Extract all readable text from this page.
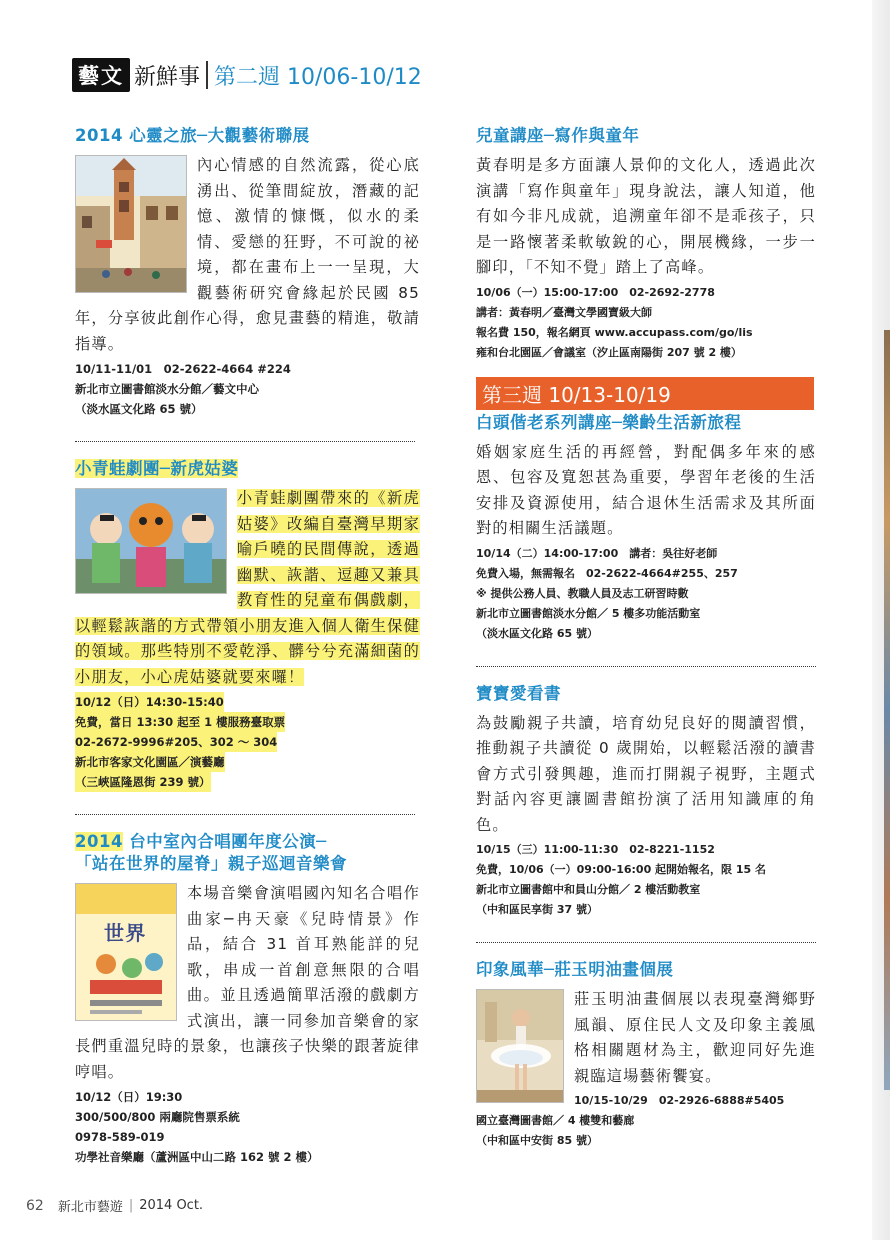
藝文 新鮮事 第二週 10/06-10/12
2014 心靈之旅─大觀藝術聯展
內心情感的自然流露，從心底湧出、從筆間綻放，潛藏的記憶、激情的慷慨，似水的柔情、愛戀的狂野，不可說的祕境，都在畫布上一一呈現，大觀藝術研究會緣起於民國 85 年，分享彼此創作心得，愈見畫藝的精進，敬請指導。
10/11-11/01　02-2622-4664 #224
新北市立圖書館淡水分館／藝文中心
（淡水區文化路 65 號）
小青蛙劇團─新虎姑婆
小青蛙劇團帶來的《新虎姑婆》改編自臺灣早期家喻戶曉的民間傳說，透過幽默、詼諧、逗趣又兼具教育性的兒童布偶戲劇，以輕鬆詼諧的方式帶領小朋友進入個人衛生保健的領域。那些特別不愛乾淨、髒兮兮充滿細菌的小朋友，小心虎姑婆就要來囉！
10/12（日）14:30-15:40
免費，當日 13:30 起至 1 樓服務臺取票
02-2672-9996#205、302 ～ 304
新北市客家文化園區／演藝廳
（三峽區隆恩街 239 號）
2014 台中室內合唱團年度公演─
「站在世界的屋脊」親子巡迴音樂會
世界
本場音樂會演唱國內知名合唱作曲家─冉天豪《兒時情景》作品，結合 31 首耳熟能詳的兒歌，串成一首創意無限的合唱曲。並且透過簡單活潑的戲劇方式演出，讓一同參加音樂會的家長們重溫兒時的景象，也讓孩子快樂的跟著旋律哼唱。
10/12（日）19:30
300/500/800 兩廳院售票系統
0978-589-019
功學社音樂廳（蘆洲區中山二路 162 號 2 樓）
兒童講座─寫作與童年
黃春明是多方面讓人景仰的文化人，透過此次演講「寫作與童年」現身說法，讓人知道，他有如今非凡成就，追溯童年卻不是乖孩子，只是一路懷著柔軟敏銳的心，開展機緣，一步一腳印，「不知不覺」踏上了高峰。
10/06（一）15:00-17:00　02-2692-2778
講者：黃春明／臺灣文學國寶級大師
報名費 150，報名網頁 www.accupass.com/go/lis
雍和台北園區／會議室（汐止區南陽街 207 號 2 樓）
第三週 10/13-10/19
白頭偕老系列講座─樂齡生活新旅程
婚姻家庭生活的再經營，對配偶多年來的感恩、包容及寬恕甚為重要，學習年老後的生活安排及資源使用，結合退休生活需求及其所面對的相關生活議題。
10/14（二）14:00-17:00　講者：吳往好老師
免費入場，無需報名　02-2622-4664#255、257
※ 提供公務人員、教職人員及志工研習時數
新北市立圖書館淡水分館／ 5 樓多功能活動室
（淡水區文化路 65 號）
寶寶愛看書
為鼓勵親子共讀，培育幼兒良好的閱讀習慣，推動親子共讀從 0 歲開始，以輕鬆活潑的讀書會方式引發興趣，進而打開親子視野，主題式對話內容更讓圖書館扮演了活用知識庫的角色。
10/15（三）11:00-11:30　02-8221-1152
免費，10/06（一）09:00-16:00 起開始報名，限 15 名
新北市立圖書館中和員山分館／ 2 樓活動教室
（中和區民享街 37 號）
印象風華─莊玉明油畫個展
莊玉明油畫個展以表現臺灣鄉野風韻、原住民人文及印象主義風格相關題材為主，歡迎同好先進親臨這場藝術饗宴。
10/15-10/29　02-2926-6888#5405
國立臺灣圖書館／ 4 樓雙和藝廊
（中和區中安街 85 號）
62 新北市藝遊 | 2014 Oct.
